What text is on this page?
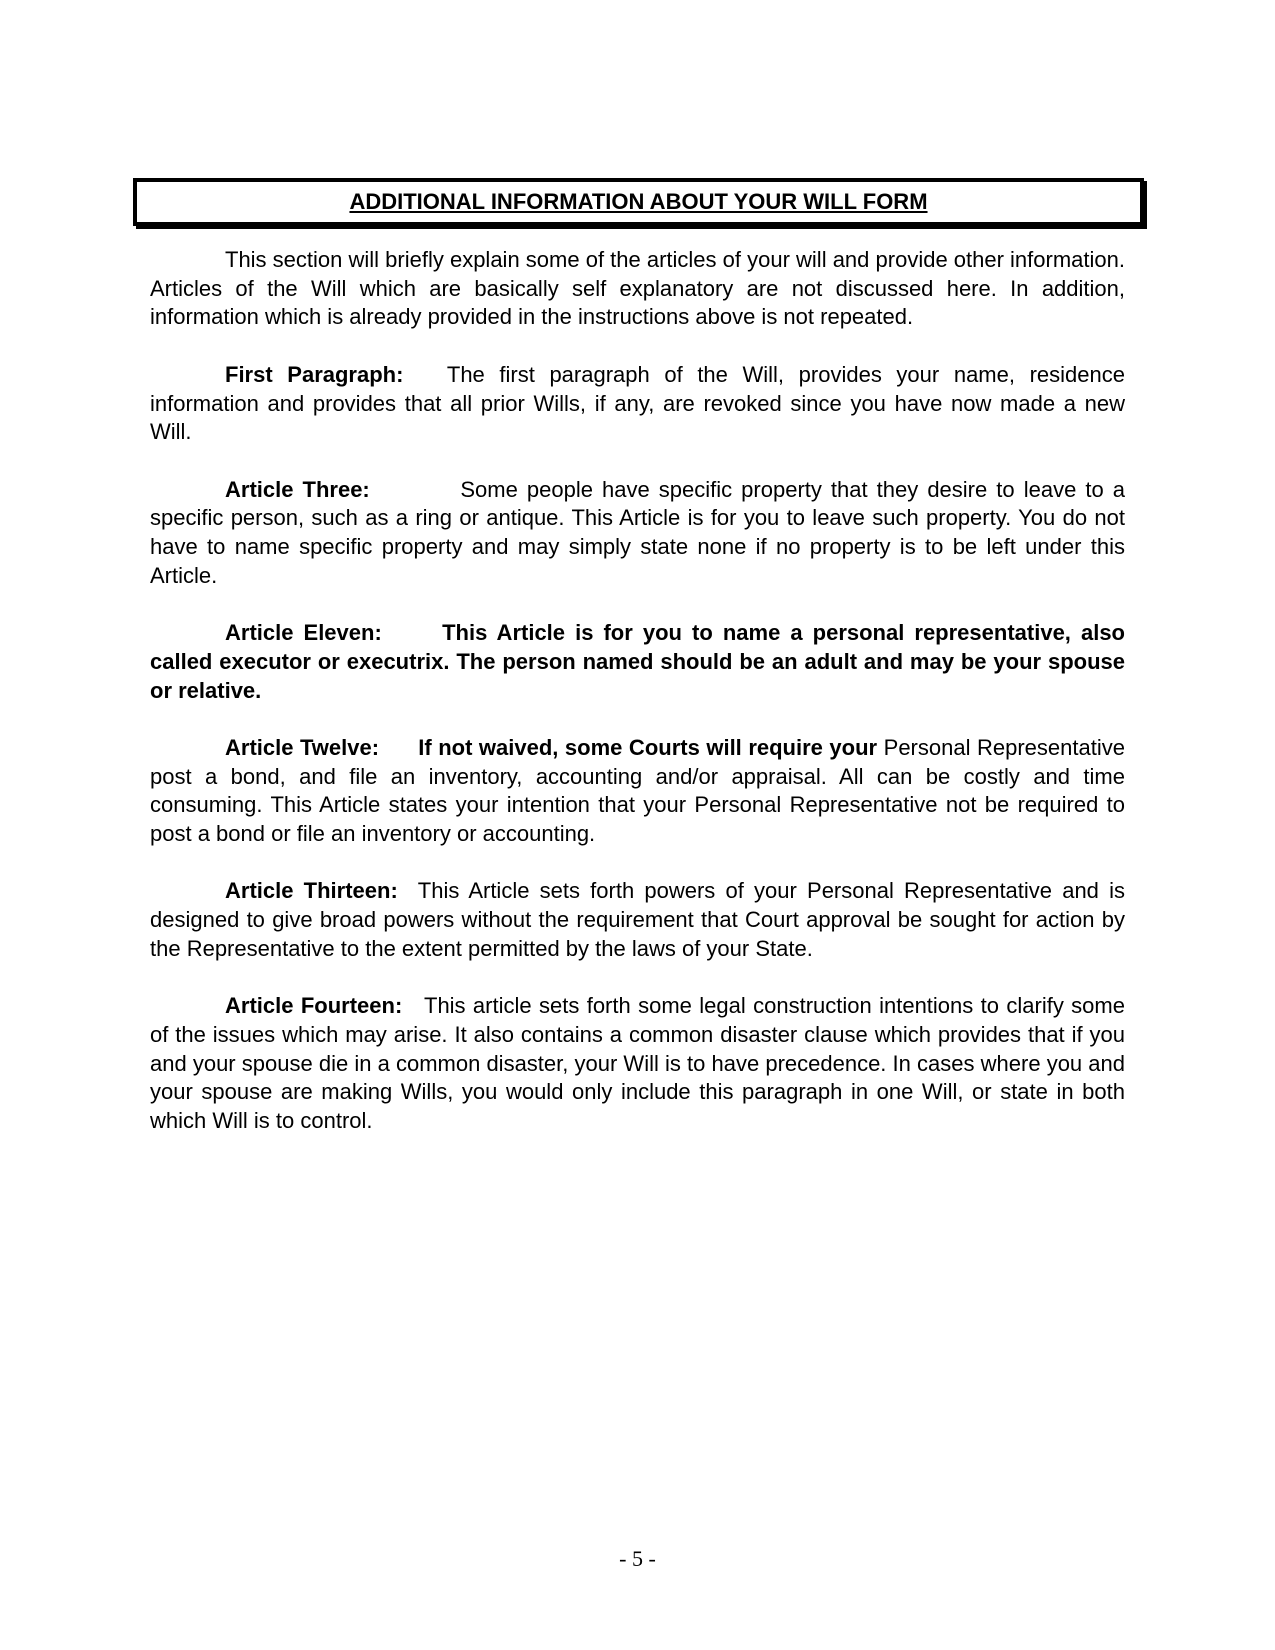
ADDITIONAL INFORMATION ABOUT YOUR WILL FORM

This section will briefly explain some of the articles of your will and provide other information. Articles of the Will which are basically self explanatory are not discussed here. In addition, information which is already provided in the instructions above is not repeated.

First Paragraph: The first paragraph of the Will, provides your name, residence information and provides that all prior Wills, if any, are revoked since you have now made a new Will.

Article Three:	Some people have specific property that they desire to leave to a specific person, such as a ring or antique. This Article is for you to leave such property. You do not have to name specific property and may simply state none if no property is to be left under this Article.

Article Eleven:	This Article is for you to name a personal representative, also called executor or executrix. The person named should be an adult and may be your spouse or relative.

Article Twelve: If not waived, some Courts will require your Personal Representative post a bond, and file an inventory, accounting and/or appraisal. All can be costly and time consuming. This Article states your intention that your Personal Representative not be required to post a bond or file an inventory or accounting.

Article Thirteen: This Article sets forth powers of your Personal Representative and is designed to give broad powers without the requirement that Court approval be sought for action by the Representative to the extent permitted by the laws of your State.

Article Fourteen: This article sets forth some legal construction intentions to clarify some of the issues which may arise. It also contains a common disaster clause which provides that if you and your spouse die in a common disaster, your Will is to have precedence. In cases where you and your spouse are making Wills, you would only include this paragraph in one Will, or state in both which Will is to control.

- 5 -
